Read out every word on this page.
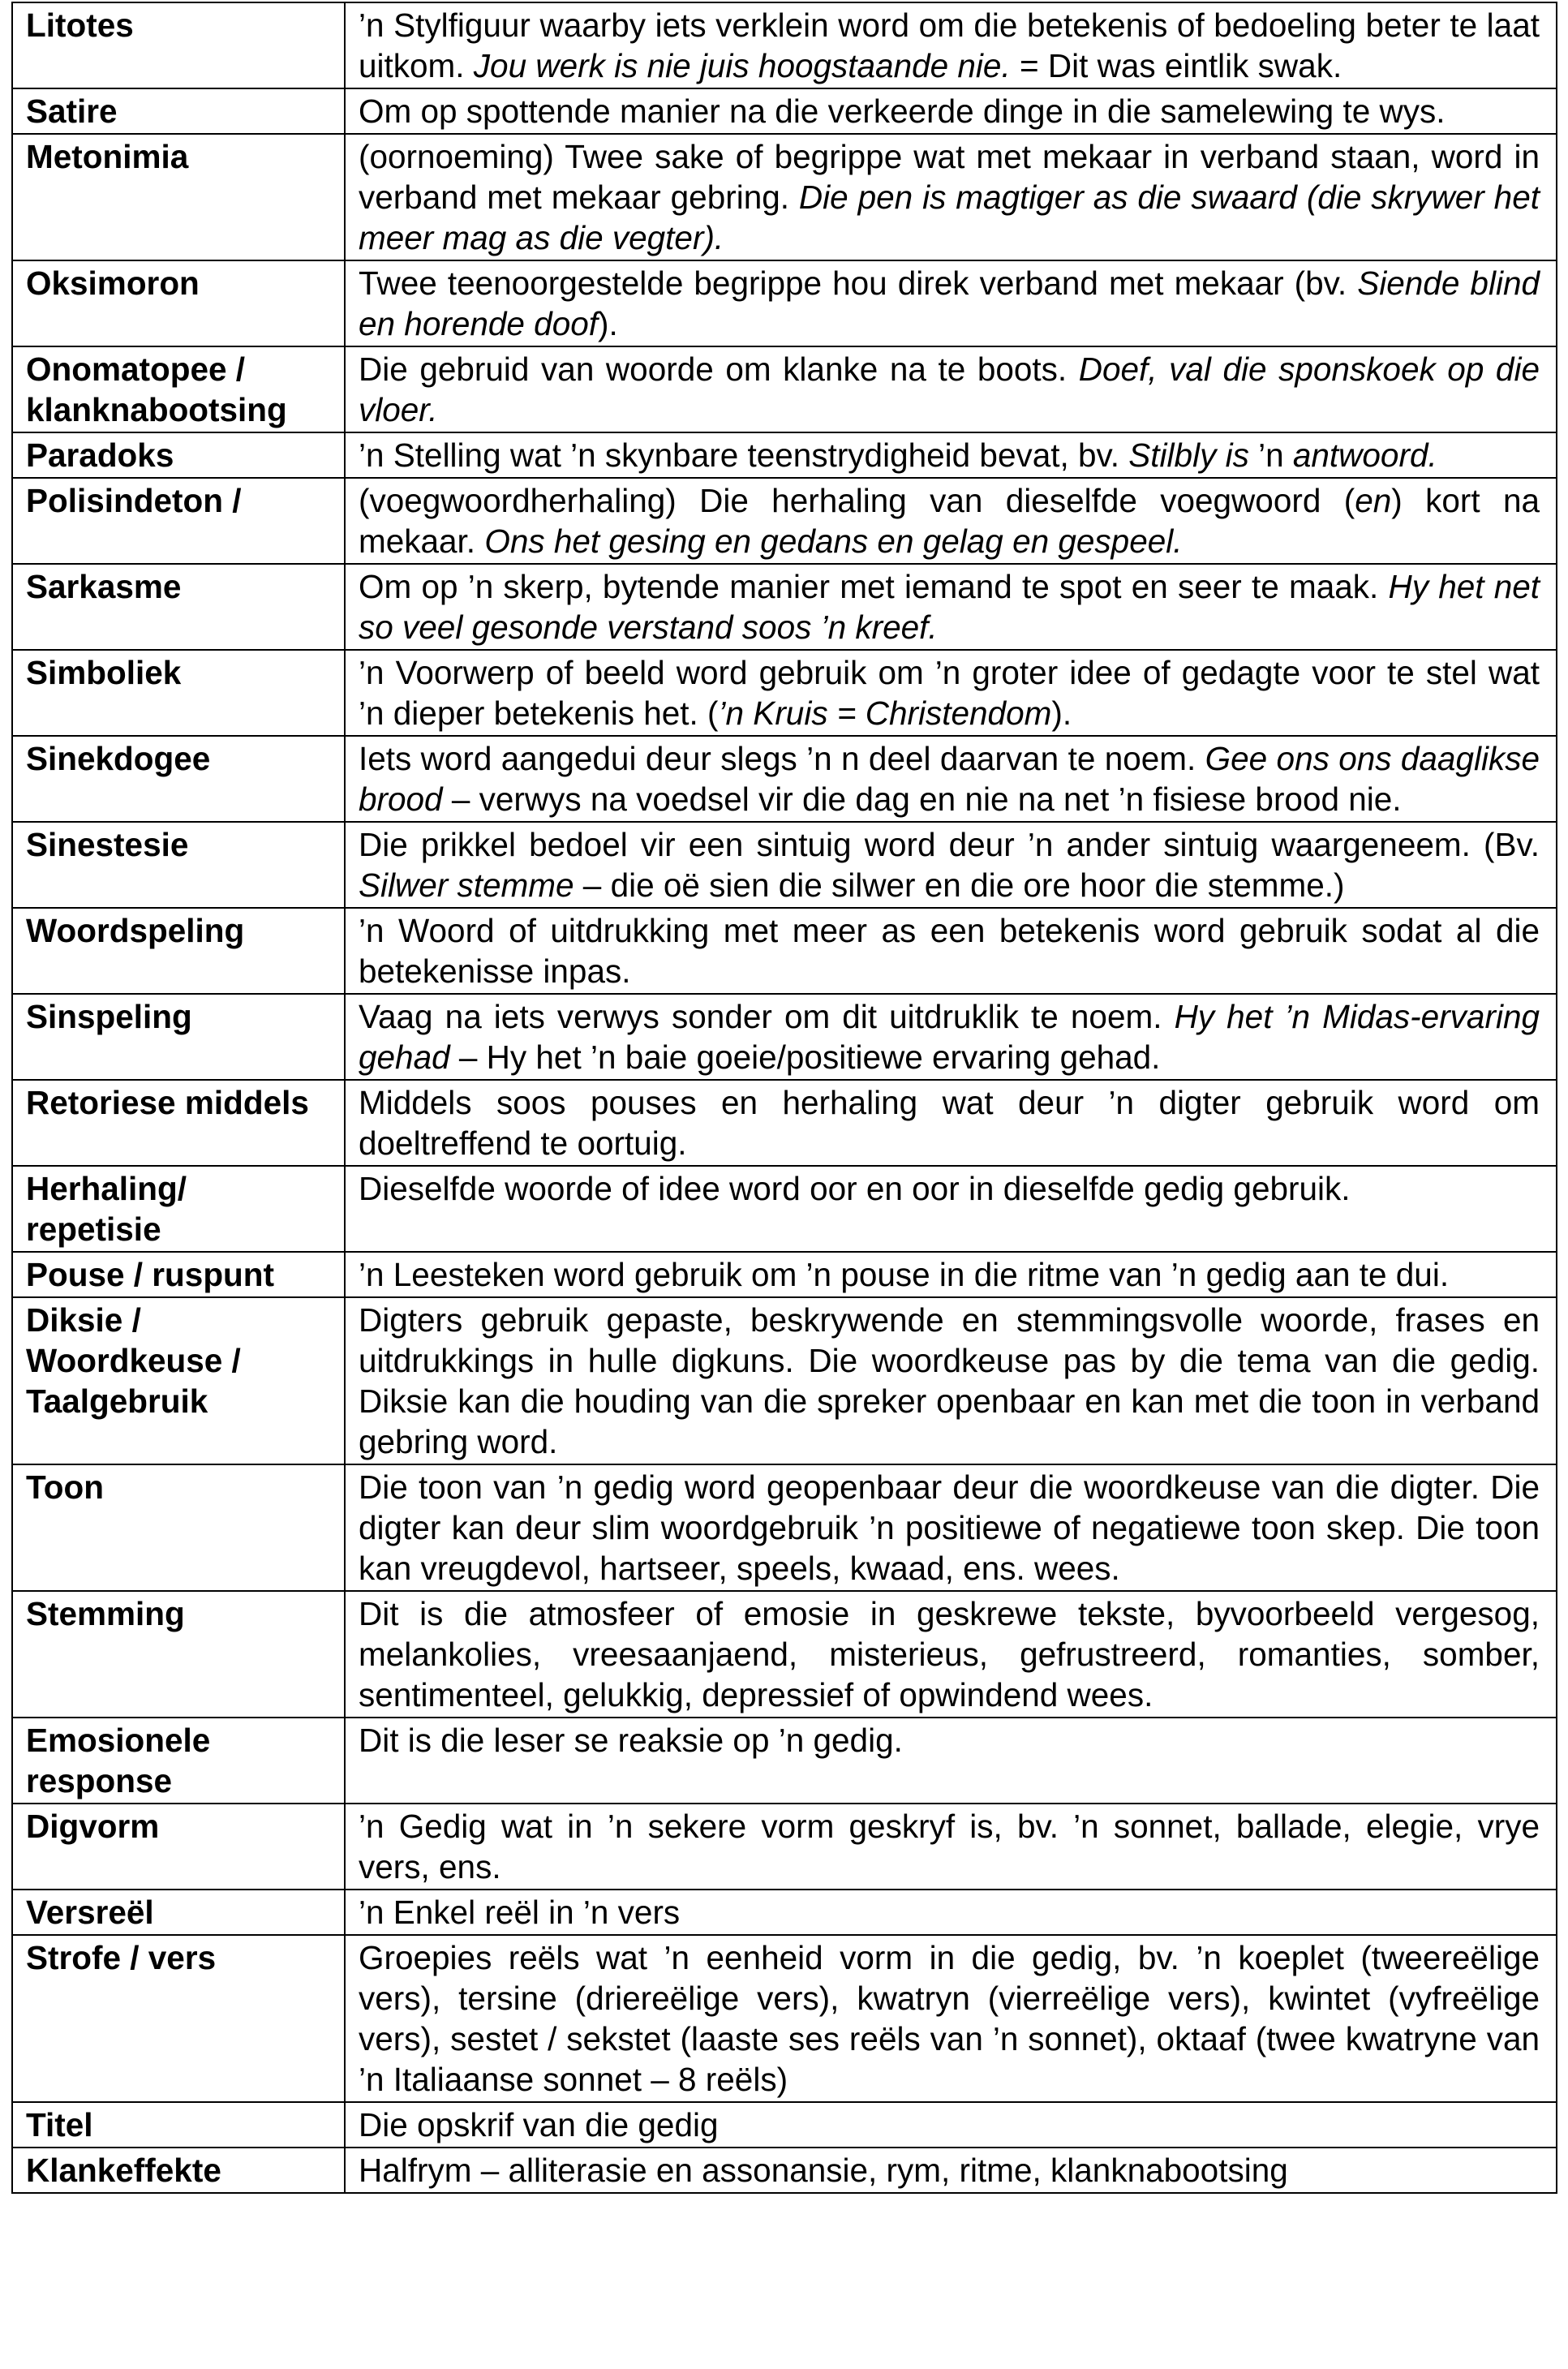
Litotes	’n Stylfiguur waarby iets verklein word om die betekenis of bedoeling beter te laat uitkom. Jou werk is nie juis hoogstaande nie. = Dit was eintlik swak.
Satire	Om op spottende manier na die verkeerde dinge in die samelewing te wys.
Metonimia	(oornoeming) Twee sake of begrippe wat met mekaar in verband staan, word in verband met mekaar gebring. Die pen is magtiger as die swaard (die skrywer het meer mag as die vegter).
Oksimoron	Twee teenoorgestelde begrippe hou direk verband met mekaar (bv. Siende blind en horende doof).
Onomatopee / klanknabootsing	Die gebruid van woorde om klanke na te boots. Doef, val die sponskoek op die vloer.
Paradoks	’n Stelling wat ’n skynbare teenstrydigheid bevat, bv. Stilbly is ’n antwoord.
Polisindeton /	(voegwoordherhaling) Die herhaling van dieselfde voegwoord (en) kort na mekaar. Ons het gesing en gedans en gelag en gespeel.
Sarkasme	Om op ’n skerp, bytende manier met iemand te spot en seer te maak. Hy het net so veel gesonde verstand soos ’n kreef.
Simboliek	’n Voorwerp of beeld word gebruik om ’n groter idee of gedagte voor te stel wat ’n dieper betekenis het. (’n Kruis = Christendom).
Sinekdogee	Iets word aangedui deur slegs ’n n deel daarvan te noem. Gee ons ons daaglikse brood – verwys na voedsel vir die dag en nie na net ’n fisiese brood nie.
Sinestesie	Die prikkel bedoel vir een sintuig word deur ’n ander sintuig waargeneem. (Bv. Silwer stemme – die oë sien die silwer en die ore hoor die stemme.)
Woordspeling	’n Woord of uitdrukking met meer as een betekenis word gebruik sodat al die betekenisse inpas.
Sinspeling	Vaag na iets verwys sonder om dit uitdruklik te noem. Hy het ’n Midas-ervaring gehad – Hy het ’n baie goeie/positiewe ervaring gehad.
Retoriese middels	Middels soos pouses en herhaling wat deur ’n digter gebruik word om doeltreffend te oortuig.
Herhaling/ repetisie	Dieselfde woorde of idee word oor en oor in dieselfde gedig gebruik.
Pouse / ruspunt	’n Leesteken word gebruik om ’n pouse in die ritme van ’n gedig aan te dui.
Diksie / Woordkeuse / Taalgebruik	Digters gebruik gepaste, beskrywende en stemmingsvolle woorde, frases en uitdrukkings in hulle digkuns. Die woordkeuse pas by die tema van die gedig. Diksie kan die houding van die spreker openbaar en kan met die toon in verband gebring word.
Toon	Die toon van ’n gedig word geopenbaar deur die woordkeuse van die digter. Die digter kan deur slim woordgebruik ’n positiewe of negatiewe toon skep. Die toon kan vreugdevol, hartseer, speels, kwaad, ens. wees.
Stemming	Dit is die atmosfeer of emosie in geskrewe tekste, byvoorbeeld vergesog, melankolies, vreesaanjaend, misterieus, gefrustreerd, romanties, somber, sentimenteel, gelukkig, depressief of opwindend wees.
Emosionele response	Dit is die leser se reaksie op ’n gedig.
Digvorm	’n Gedig wat in ’n sekere vorm geskryf is, bv. ’n sonnet, ballade, elegie, vrye vers, ens.
Versreël	’n Enkel reël in ’n vers
Strofe / vers	Groepies reëls wat ’n eenheid vorm in die gedig, bv. ’n koeplet (tweereëlige vers), tersine (driereëlige vers), kwatryn (vierreëlige vers), kwintet (vyfreëlige vers), sestet / sekstet (laaste ses reëls van ’n sonnet), oktaaf (twee kwatryne van ’n Italiaanse sonnet – 8 reëls)
Titel	Die opskrif van die gedig
Klankeffekte	Halfrym – alliterasie en assonansie, rym, ritme, klanknabootsing
